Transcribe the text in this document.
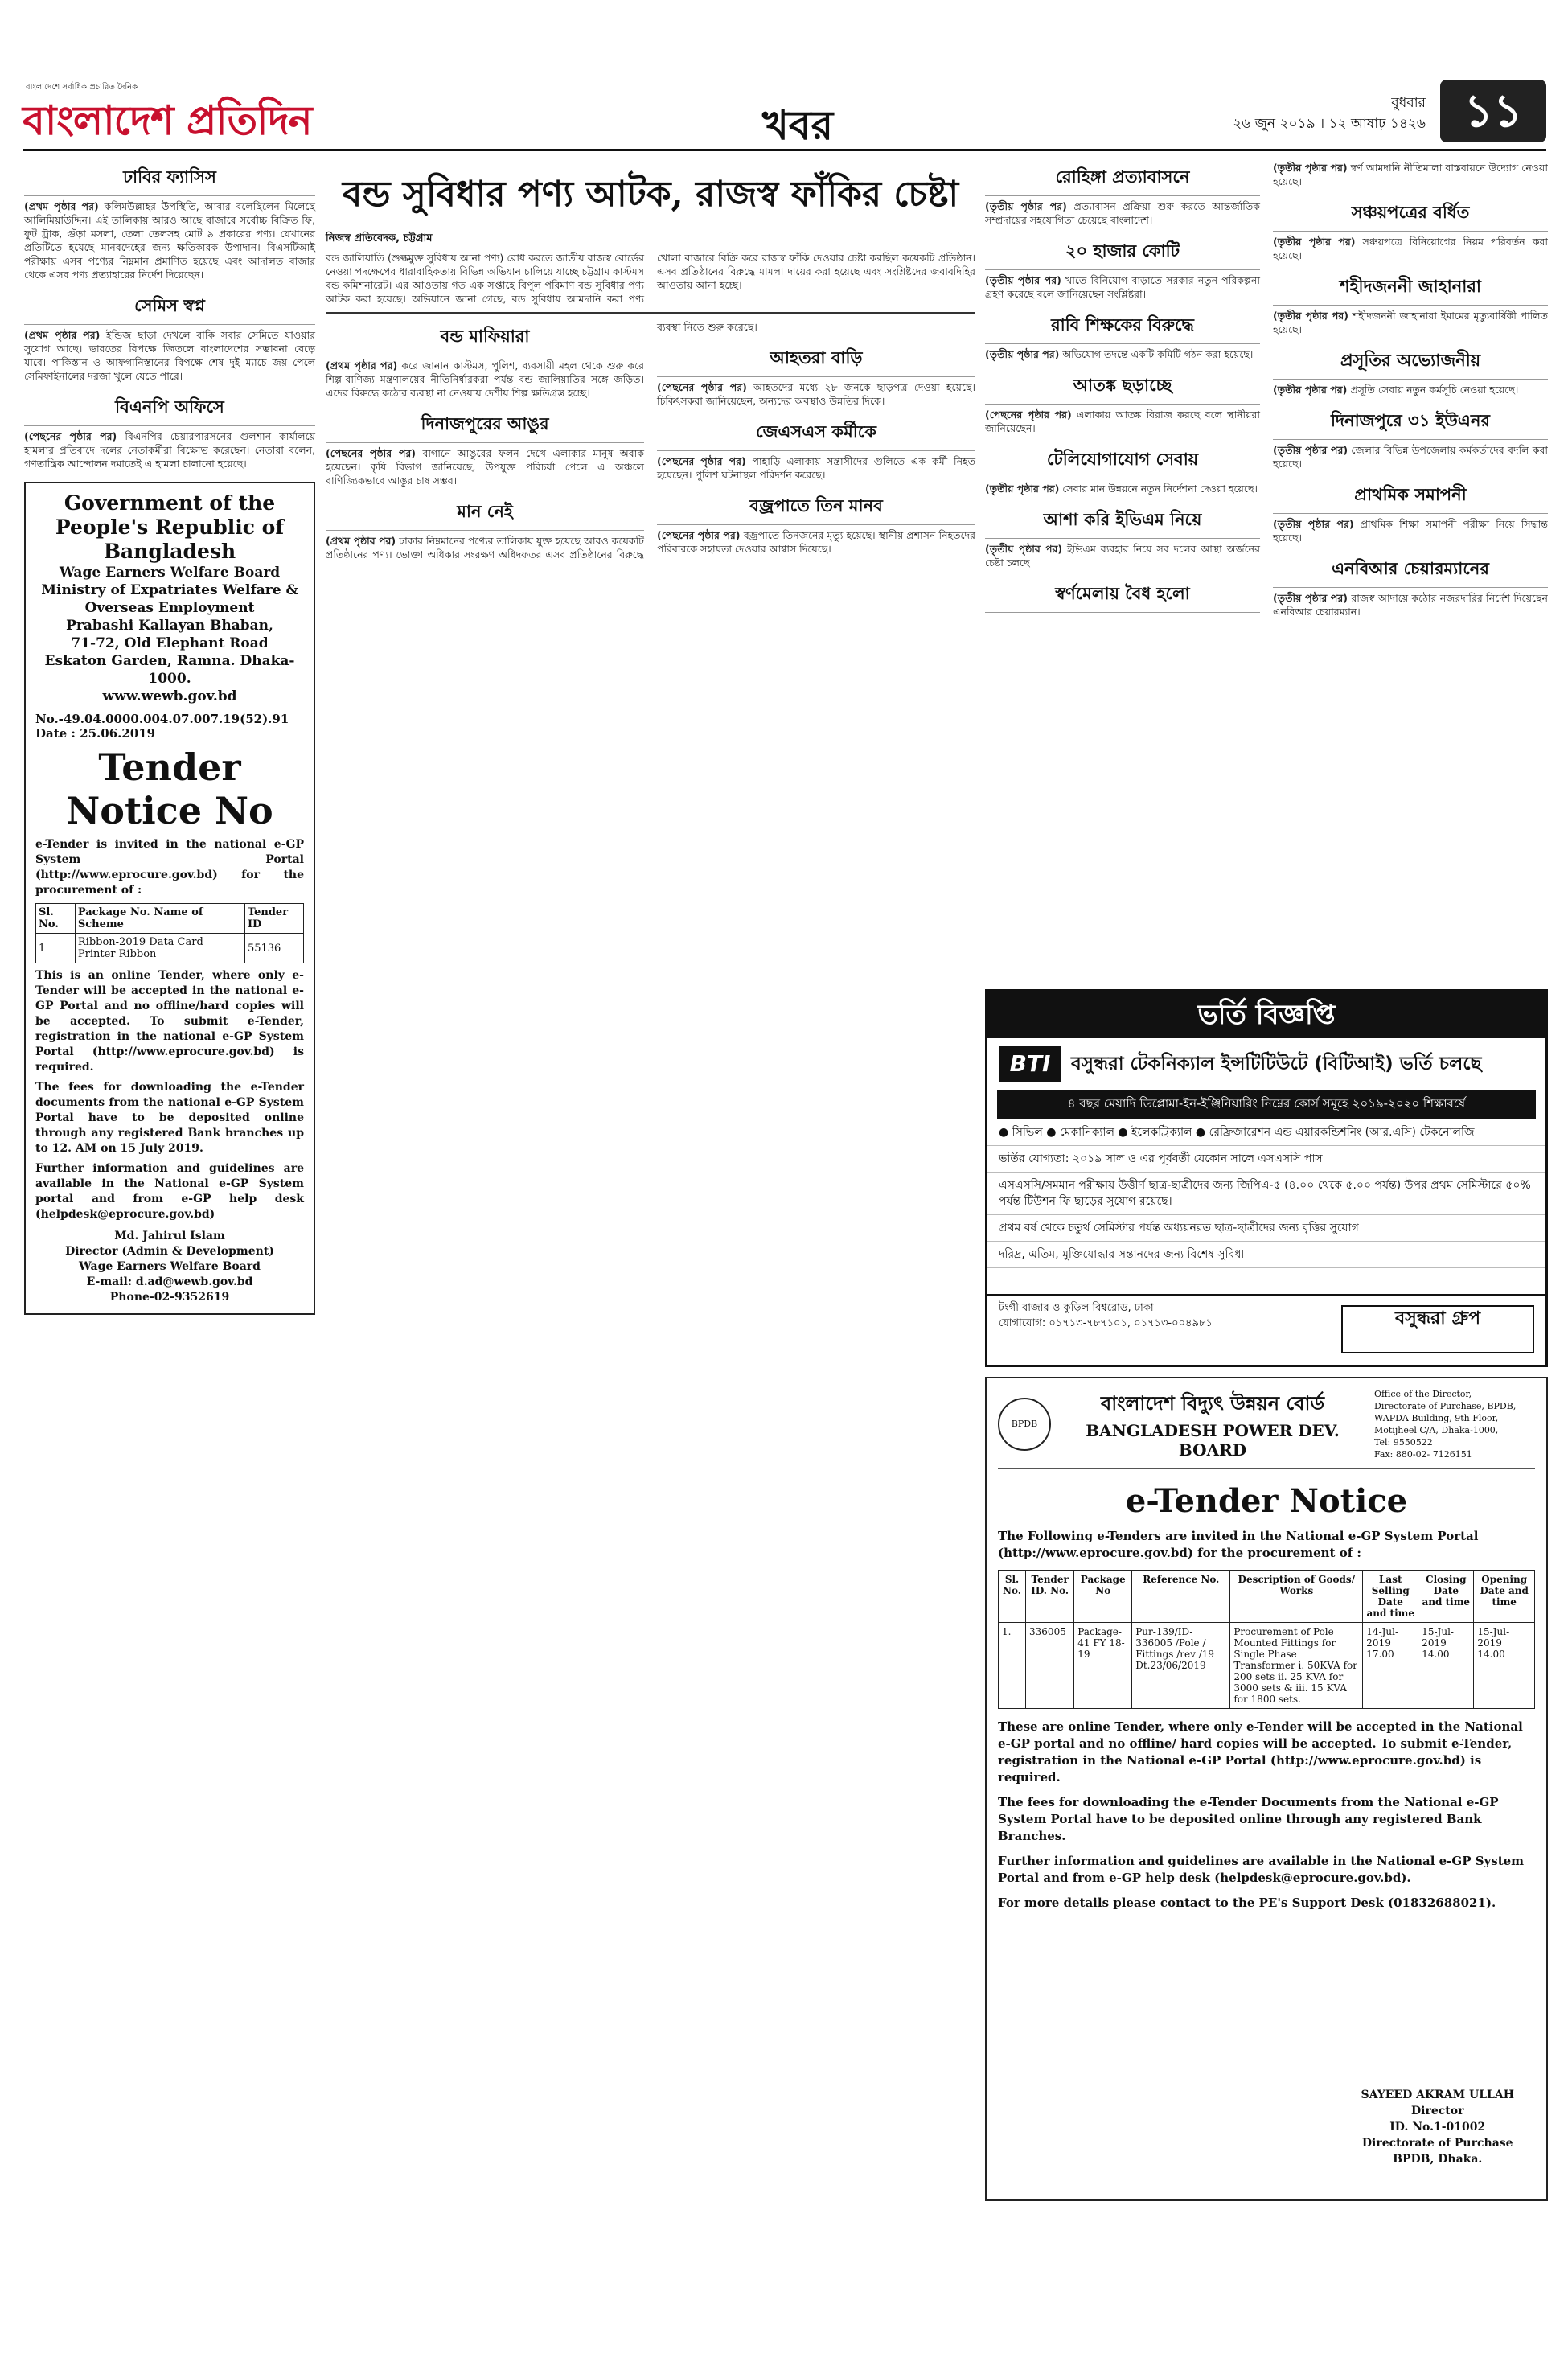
বাংলাদেশে সর্বাধিক প্রচারিত দৈনিক
বাংলাদেশ প্রতিদিন	খবর	বুধবার
২৬ জুন ২০১৯ । ১২ আষাঢ় ১৪২৬ ১১
ঢাবির ফ্যাসিস
(প্রথম পৃষ্ঠার পর) কলিমউল্লাহর উপস্থিতি, আবার বলেছিলেন মিলেছে আলিমিয়াউদ্দিন। এই তালিকায় আরও আছে বাজারে সর্বোচ্চ বিক্রিত ফি, ফুট ট্রাক, গুঁড়া মসলা, তেলা তেলসহ মোট ৯ প্রকারের পণ্য। যেখানের প্রতিটিতে হয়েছে মানবদেহের জন্য ক্ষতিকারক উপাদান। বিএসটিআই পরীক্ষায় এসব পণ্যের নিম্নমান প্রমাণিত হয়েছে এবং আদালত বাজার থেকে এসব পণ্য প্রত্যাহারের নির্দেশ দিয়েছেন।
সেমিস স্বপ্ন
(প্রথম পৃষ্ঠার পর) ইন্ডিজ ছাড়া দেখলে বাকি সবার সেমিতে যাওয়ার সুযোগ আছে। ভারতের বিপক্ষে জিতলে বাংলাদেশের সম্ভাবনা বেড়ে যাবে। পাকিস্তান ও আফগানিস্তানের বিপক্ষে শেষ দুই ম্যাচে জয় পেলে সেমিফাইনালের দরজা খুলে যেতে পারে।
বিএনপি অফিসে
(পেছনের পৃষ্ঠার পর) বিএনপির চেয়ারপারসনের গুলশান কার্যালয়ে হামলার প্রতিবাদে দলের নেতাকর্মীরা বিক্ষোভ করেছেন। নেতারা বলেন, গণতান্ত্রিক আন্দোলন দমাতেই এ হামলা চালানো হয়েছে।
Government of the People's Republic of Bangladesh
Wage Earners Welfare Board
Ministry of Expatriates Welfare & Overseas Employment
Prabashi Kallayan Bhaban,
71-72, Old Elephant Road
Eskaton Garden, Ramna. Dhaka-1000.
www.wewb.gov.bd
No.-49.04.0000.004.07.007.19(52).91 Date : 25.06.2019
Tender Notice No
e-Tender is invited in the national e-GP System Portal (http://www.eprocure.gov.bd) for the procurement of :
Sl. No.	Package No. Name of Scheme	Tender ID
1	Ribbon-2019 Data Card Printer Ribbon	55136
This is an online Tender, where only e-Tender will be accepted in the national e-GP Portal and no offline/hard copies will be accepted. To submit e-Tender, registration in the national e-GP System Portal (http://www.eprocure.gov.bd) is required.
The fees for downloading the e-Tender documents from the national e-GP System Portal have to be deposited online through any registered Bank branches up to 12. AM on 15 July 2019.
Further information and guidelines are available in the National e-GP System portal and from e-GP help desk (helpdesk@eprocure.gov.bd)
Md. Jahirul Islam
Director (Admin & Development)
Wage Earners Welfare Board
E-mail: d.ad@wewb.gov.bd
Phone-02-9352619
বন্ড সুবিধার পণ্য আটক, রাজস্ব ফাঁকির চেষ্টা
নিজস্ব প্রতিবেদক, চট্টগ্রাম
বন্ড জালিয়াতি (শুল্কমুক্ত সুবিধায় আনা পণ্য) রোধ করতে জাতীয় রাজস্ব বোর্ডের নেওয়া পদক্ষেপের ধারাবাহিকতায় বিভিন্ন অভিযান চালিয়ে যাচ্ছে চট্টগ্রাম কাস্টমস বন্ড কমিশনারেট। এর আওতায় গত এক সপ্তাহে বিপুল পরিমাণ বন্ড সুবিধার পণ্য আটক করা হয়েছে। অভিযানে জানা গেছে, বন্ড সুবিধায় আমদানি করা পণ্য খোলা বাজারে বিক্রি করে রাজস্ব ফাঁকি দেওয়ার চেষ্টা করছিল কয়েকটি প্রতিষ্ঠান। এসব প্রতিষ্ঠানের বিরুদ্ধে মামলা দায়ের করা হয়েছে এবং সংশ্লিষ্টদের জবাবদিহির আওতায় আনা হচ্ছে।
বন্ড মাফিয়ারা
(প্রথম পৃষ্ঠার পর) করে জানান কাস্টমস, পুলিশ, ব্যবসায়ী মহল থেকে শুরু করে শিল্প-বাণিজ্য মন্ত্রণালয়ের নীতিনির্ধারকরা পর্যন্ত বন্ড জালিয়াতির সঙ্গে জড়িত। এদের বিরুদ্ধে কঠোর ব্যবস্থা না নেওয়ায় দেশীয় শিল্প ক্ষতিগ্রস্ত হচ্ছে।
দিনাজপুরের আঙুর
(পেছনের পৃষ্ঠার পর) বাগানে আঙুরের ফলন দেখে এলাকার মানুষ অবাক হয়েছেন। কৃষি বিভাগ জানিয়েছে, উপযুক্ত পরিচর্যা পেলে এ অঞ্চলে বাণিজ্যিকভাবে আঙুর চাষ সম্ভব।
মান নেই
(প্রথম পৃষ্ঠার পর) ঢাকার নিম্নমানের পণ্যের তালিকায় যুক্ত হয়েছে আরও কয়েকটি প্রতিষ্ঠানের পণ্য। ভোক্তা অধিকার সংরক্ষণ অধিদফতর এসব প্রতিষ্ঠানের বিরুদ্ধে ব্যবস্থা নিতে শুরু করেছে।
আহতরা বাড়ি
(পেছনের পৃষ্ঠার পর) আহতদের মধ্যে ২৮ জনকে ছাড়পত্র দেওয়া হয়েছে। চিকিৎসকরা জানিয়েছেন, অন্যদের অবস্থাও উন্নতির দিকে।
জেএসএস কর্মীকে
(পেছনের পৃষ্ঠার পর) পাহাড়ি এলাকায় সন্ত্রাসীদের গুলিতে এক কর্মী নিহত হয়েছেন। পুলিশ ঘটনাস্থল পরিদর্শন করেছে।
বজ্রপাতে তিন মানব
(পেছনের পৃষ্ঠার পর) বজ্রপাতে তিনজনের মৃত্যু হয়েছে। স্থানীয় প্রশাসন নিহতদের পরিবারকে সহায়তা দেওয়ার আশ্বাস দিয়েছে।
রোহিঙ্গা প্রত্যাবাসনে
(তৃতীয় পৃষ্ঠার পর) প্রত্যাবাসন প্রক্রিয়া শুরু করতে আন্তর্জাতিক সম্প্রদায়ের সহযোগিতা চেয়েছে বাংলাদেশ।
২০ হাজার কোটি
(তৃতীয় পৃষ্ঠার পর) খাতে বিনিয়োগ বাড়াতে সরকার নতুন পরিকল্পনা গ্রহণ করেছে বলে জানিয়েছেন সংশ্লিষ্টরা।
রাবি শিক্ষকের বিরুদ্ধে
(তৃতীয় পৃষ্ঠার পর) অভিযোগ তদন্তে একটি কমিটি গঠন করা হয়েছে।
আতঙ্ক ছড়াচ্ছে
(পেছনের পৃষ্ঠার পর) এলাকায় আতঙ্ক বিরাজ করছে বলে স্থানীয়রা জানিয়েছেন।
টেলিযোগাযোগ সেবায়
(তৃতীয় পৃষ্ঠার পর) সেবার মান উন্নয়নে নতুন নির্দেশনা দেওয়া হয়েছে।
আশা করি ইভিএম নিয়ে
(তৃতীয় পৃষ্ঠার পর) ইভিএম ব্যবহার নিয়ে সব দলের আস্থা অর্জনের চেষ্টা চলছে।
স্বর্ণমেলায় বৈধ হলো
(তৃতীয় পৃষ্ঠার পর) স্বর্ণ আমদানি নীতিমালা বাস্তবায়নে উদ্যোগ নেওয়া হয়েছে।
সঞ্চয়পত্রের বর্ধিত
(তৃতীয় পৃষ্ঠার পর) সঞ্চয়পত্রে বিনিয়োগের নিয়ম পরিবর্তন করা হয়েছে।
শহীদজননী জাহানারা
(তৃতীয় পৃষ্ঠার পর) শহীদজননী জাহানারা ইমামের মৃত্যুবার্ষিকী পালিত হয়েছে।
প্রসূতির অভ্যোজনীয়
(তৃতীয় পৃষ্ঠার পর) প্রসূতি সেবায় নতুন কর্মসূচি নেওয়া হয়েছে।
দিনাজপুরে ৩১ ইউএনর
(তৃতীয় পৃষ্ঠার পর) জেলার বিভিন্ন উপজেলায় কর্মকর্তাদের বদলি করা হয়েছে।
প্রাথমিক সমাপনী
(তৃতীয় পৃষ্ঠার পর) প্রাথমিক শিক্ষা সমাপনী পরীক্ষা নিয়ে সিদ্ধান্ত হয়েছে।
এনবিআর চেয়ারম্যানের
(তৃতীয় পৃষ্ঠার পর) রাজস্ব আদায়ে কঠোর নজরদারির নির্দেশ দিয়েছেন এনবিআর চেয়ারম্যান।
ভর্তি বিজ্ঞপ্তি
BTI	বসুন্ধরা টেকনিক্যাল ইন্সটিটিউটে (বিটিআই) ভর্তি চলছে
৪ বছর মেয়াদি ডিপ্লোমা-ইন-ইঞ্জিনিয়ারিং নিম্নের কোর্স সমূহে ২০১৯-২০২০ শিক্ষাবর্ষে
● সিভিল ● মেকানিক্যাল ● ইলেকট্রিক্যাল ● রেফ্রিজারেশন এন্ড এয়ারকন্ডিশনিং (আর.এসি) টেকনোলজি
ভর্তির যোগ্যতা: ২০১৯ সাল ও এর পূর্ববর্তী যেকোন সালে এসএসসি পাস
এসএসসি/সমমান পরীক্ষায় উত্তীর্ণ ছাত্র-ছাত্রীদের জন্য জিপিএ-৫ (৪.০০ থেকে ৫.০০ পর্যন্ত) উপর প্রথম সেমিস্টারে ৫০% পর্যন্ত টিউশন ফি ছাড়ের সুযোগ রয়েছে।
প্রথম বর্ষ থেকে চতুর্থ সেমিস্টার পর্যন্ত অধ্যয়নরত ছাত্র-ছাত্রীদের জন্য বৃত্তির সুযোগ
দরিদ্র, এতিম, মুক্তিযোদ্ধার সন্তানদের জন্য বিশেষ সুবিধা
টংগী বাজার ও কুড়িল বিশ্বরোড, ঢাকা
যোগাযোগ: ০১৭১৩-৭৮৭১০১, ০১৭১৩-০০৪৯৮১	বসুন্ধরা গ্রুপ
BPDB
বাংলাদেশ বিদ্যুৎ উন্নয়ন বোর্ড
BANGLADESH POWER DEV. BOARD
Office of the Director,
Directorate of Purchase, BPDB,
WAPDA Building, 9th Floor,
Motijheel C/A, Dhaka-1000,
Tel: 9550522
Fax: 880-02- 7126151
e-Tender Notice
The Following e-Tenders are invited in the National e-GP System Portal (http://www.eprocure.gov.bd) for the procurement of :
Sl. No.	Tender ID. No.	Package No	Reference No.	Description of Goods/ Works	Last Selling Date and time	Closing Date and time	Opening Date and time
1.	336005	Package-41 FY 18-19	Pur-139/ID-336005 /Pole / Fittings /rev /19 Dt.23/06/2019	Procurement of Pole Mounted Fittings for Single Phase Transformer i. 50KVA for 200 sets ii. 25 KVA for 3000 sets & iii. 15 KVA for 1800 sets.	14-Jul-2019 17.00	15-Jul-2019 14.00	15-Jul-2019 14.00
These are online Tender, where only e-Tender will be accepted in the National e-GP portal and no offline/ hard copies will be accepted. To submit e-Tender, registration in the National e-GP Portal (http://www.eprocure.gov.bd) is required.
The fees for downloading the e-Tender Documents from the National e-GP System Portal have to be deposited online through any registered Bank Branches.
Further information and guidelines are available in the National e-GP System Portal and from e-GP help desk (helpdesk@eprocure.gov.bd).
For more details please contact to the PE's Support Desk (01832688021).
SAYEED AKRAM ULLAH
Director
ID. No.1-01002
Directorate of Purchase
BPDB, Dhaka.
